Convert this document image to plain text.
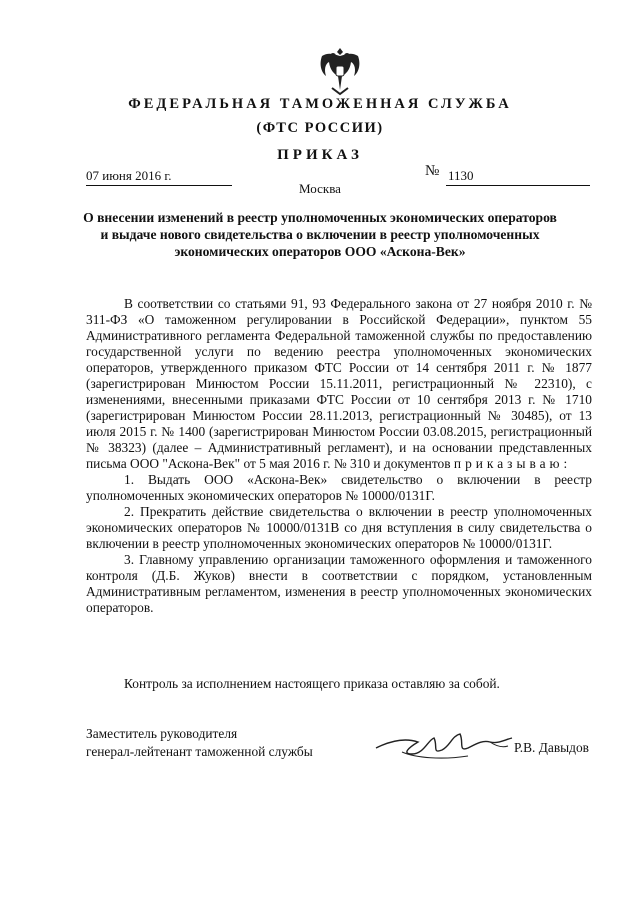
ФЕДЕРАЛЬНАЯ ТАМОЖЕННАЯ СЛУЖБА
(ФТС РОССИИ)
ПРИКАЗ
07 июня 2016 г.	№ 1130
Москва
О внесении изменений в реестр уполномоченных экономических операторов
и выдаче нового свидетельства о включении в реестр уполномоченных
экономических операторов ООО «Аскона-Век»

В соответствии со статьями 91, 93 Федерального закона от 27 ноября 2010 г. № 311-ФЗ «О таможенном регулировании в Российской Федерации», пунктом 55 Административного регламента Федеральной таможенной службы по предоставлению государственной услуги по ведению реестра уполномоченных экономических операторов, утвержденного приказом ФТС России от 14 сентября 2011 г. № 1877 (зарегистрирован Минюстом России 15.11.2011, регистрационный № 22310), с изменениями, внесенными приказами ФТС России от 10 сентября 2013 г. № 1710 (зарегистрирован Минюстом России 28.11.2013, регистрационный № 30485), от 13 июля 2015 г. № 1400 (зарегистрирован Минюстом России 03.08.2015, регистрационный № 38323) (далее – Административный регламент), и на основании представленных письма ООО "Аскона-Век" от 5 мая 2016 г. № 310 и документов приказываю:

1. Выдать ООО «Аскона-Век» свидетельство о включении в реестр уполномоченных экономических операторов № 10000/0131Г.

2. Прекратить действие свидетельства о включении в реестр уполномоченных экономических операторов № 10000/0131В со дня вступления в силу свидетельства о включении в реестр уполномоченных экономических операторов № 10000/0131Г.

3. Главному управлению организации таможенного оформления и таможенного контроля (Д.Б. Жуков) внести в соответствии с порядком, установленным Административным регламентом, изменения в реестр уполномоченных экономических операторов.

Контроль за исполнением настоящего приказа оставляю за собой.
Заместитель руководителя
генерал-лейтенант таможенной службы	Р.В. Давыдов
